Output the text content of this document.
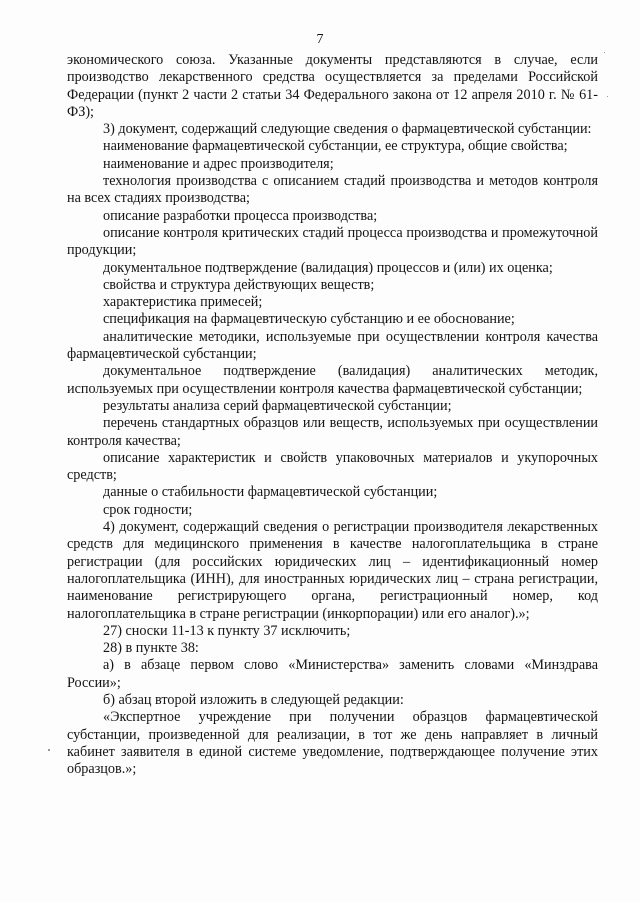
7

экономического союза. Указанные документы представляются в случае, если производство лекарственного средства осуществляется за пределами Российской Федерации (пункт 2 части 2 статьи 34 Федерального закона от 12 апреля 2010 г. № 61-ФЗ);

3) документ, содержащий следующие сведения о фармацевтической субстанции:

наименование фармацевтической субстанции, ее структура, общие свойства;

наименование и адрес производителя;

технология производства с описанием стадий производства и методов контроля на всех стадиях производства;

описание разработки процесса производства;

описание контроля критических стадий процесса производства и промежуточной продукции;

документальное подтверждение (валидация) процессов и (или) их оценка;

свойства и структура действующих веществ;

характеристика примесей;

спецификация на фармацевтическую субстанцию и ее обоснование;

аналитические методики, используемые при осуществлении контроля качества фармацевтической субстанции;

документальное подтверждение (валидация) аналитических методик, используемых при осуществлении контроля качества фармацевтической субстанции;

результаты анализа серий фармацевтической субстанции;

перечень стандартных образцов или веществ, используемых при осуществлении контроля качества;

описание характеристик и свойств упаковочных материалов и укупорочных средств;

данные о стабильности фармацевтической субстанции;

срок годности;

4) документ, содержащий сведения о регистрации производителя лекарственных средств для медицинского применения в качестве налогоплательщика в стране регистрации (для российских юридических лиц – идентификационный номер налогоплательщика (ИНН), для иностранных юридических лиц – страна регистрации, наименование регистрирующего органа, регистрационный номер, код налогоплательщика в стране регистрации (инкорпорации) или его аналог).»;

27) сноски 11-13 к пункту 37 исключить;

28) в пункте 38:

а) в абзаце первом слово «Министерства» заменить словами «Минздрава России»;

б) абзац второй изложить в следующей редакции:

«Экспертное учреждение при получении образцов фармацевтической субстанции, произведенной для реализации, в тот же день направляет в личный кабинет заявителя в единой системе уведомление, подтверждающее получение этих образцов.»;
